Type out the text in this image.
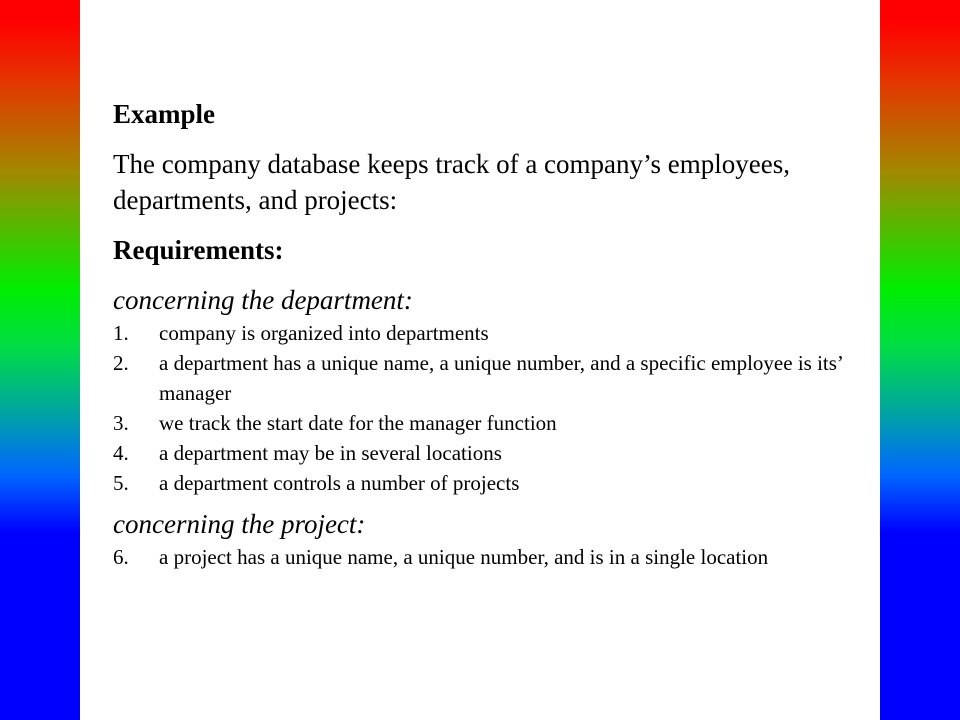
Example

The company database keeps track of a company’s employees, departments, and projects:

Requirements:

concerning the department:

1.	company is organized into departments
2.	a department has a unique name, a unique number, and a specific employee is its’ manager
3.	we track the start date for the manager function
4.	a department may be in several locations
5.	a department controls a number of projects

concerning the project:

6.	a project has a unique name, a unique number, and is in a single location
